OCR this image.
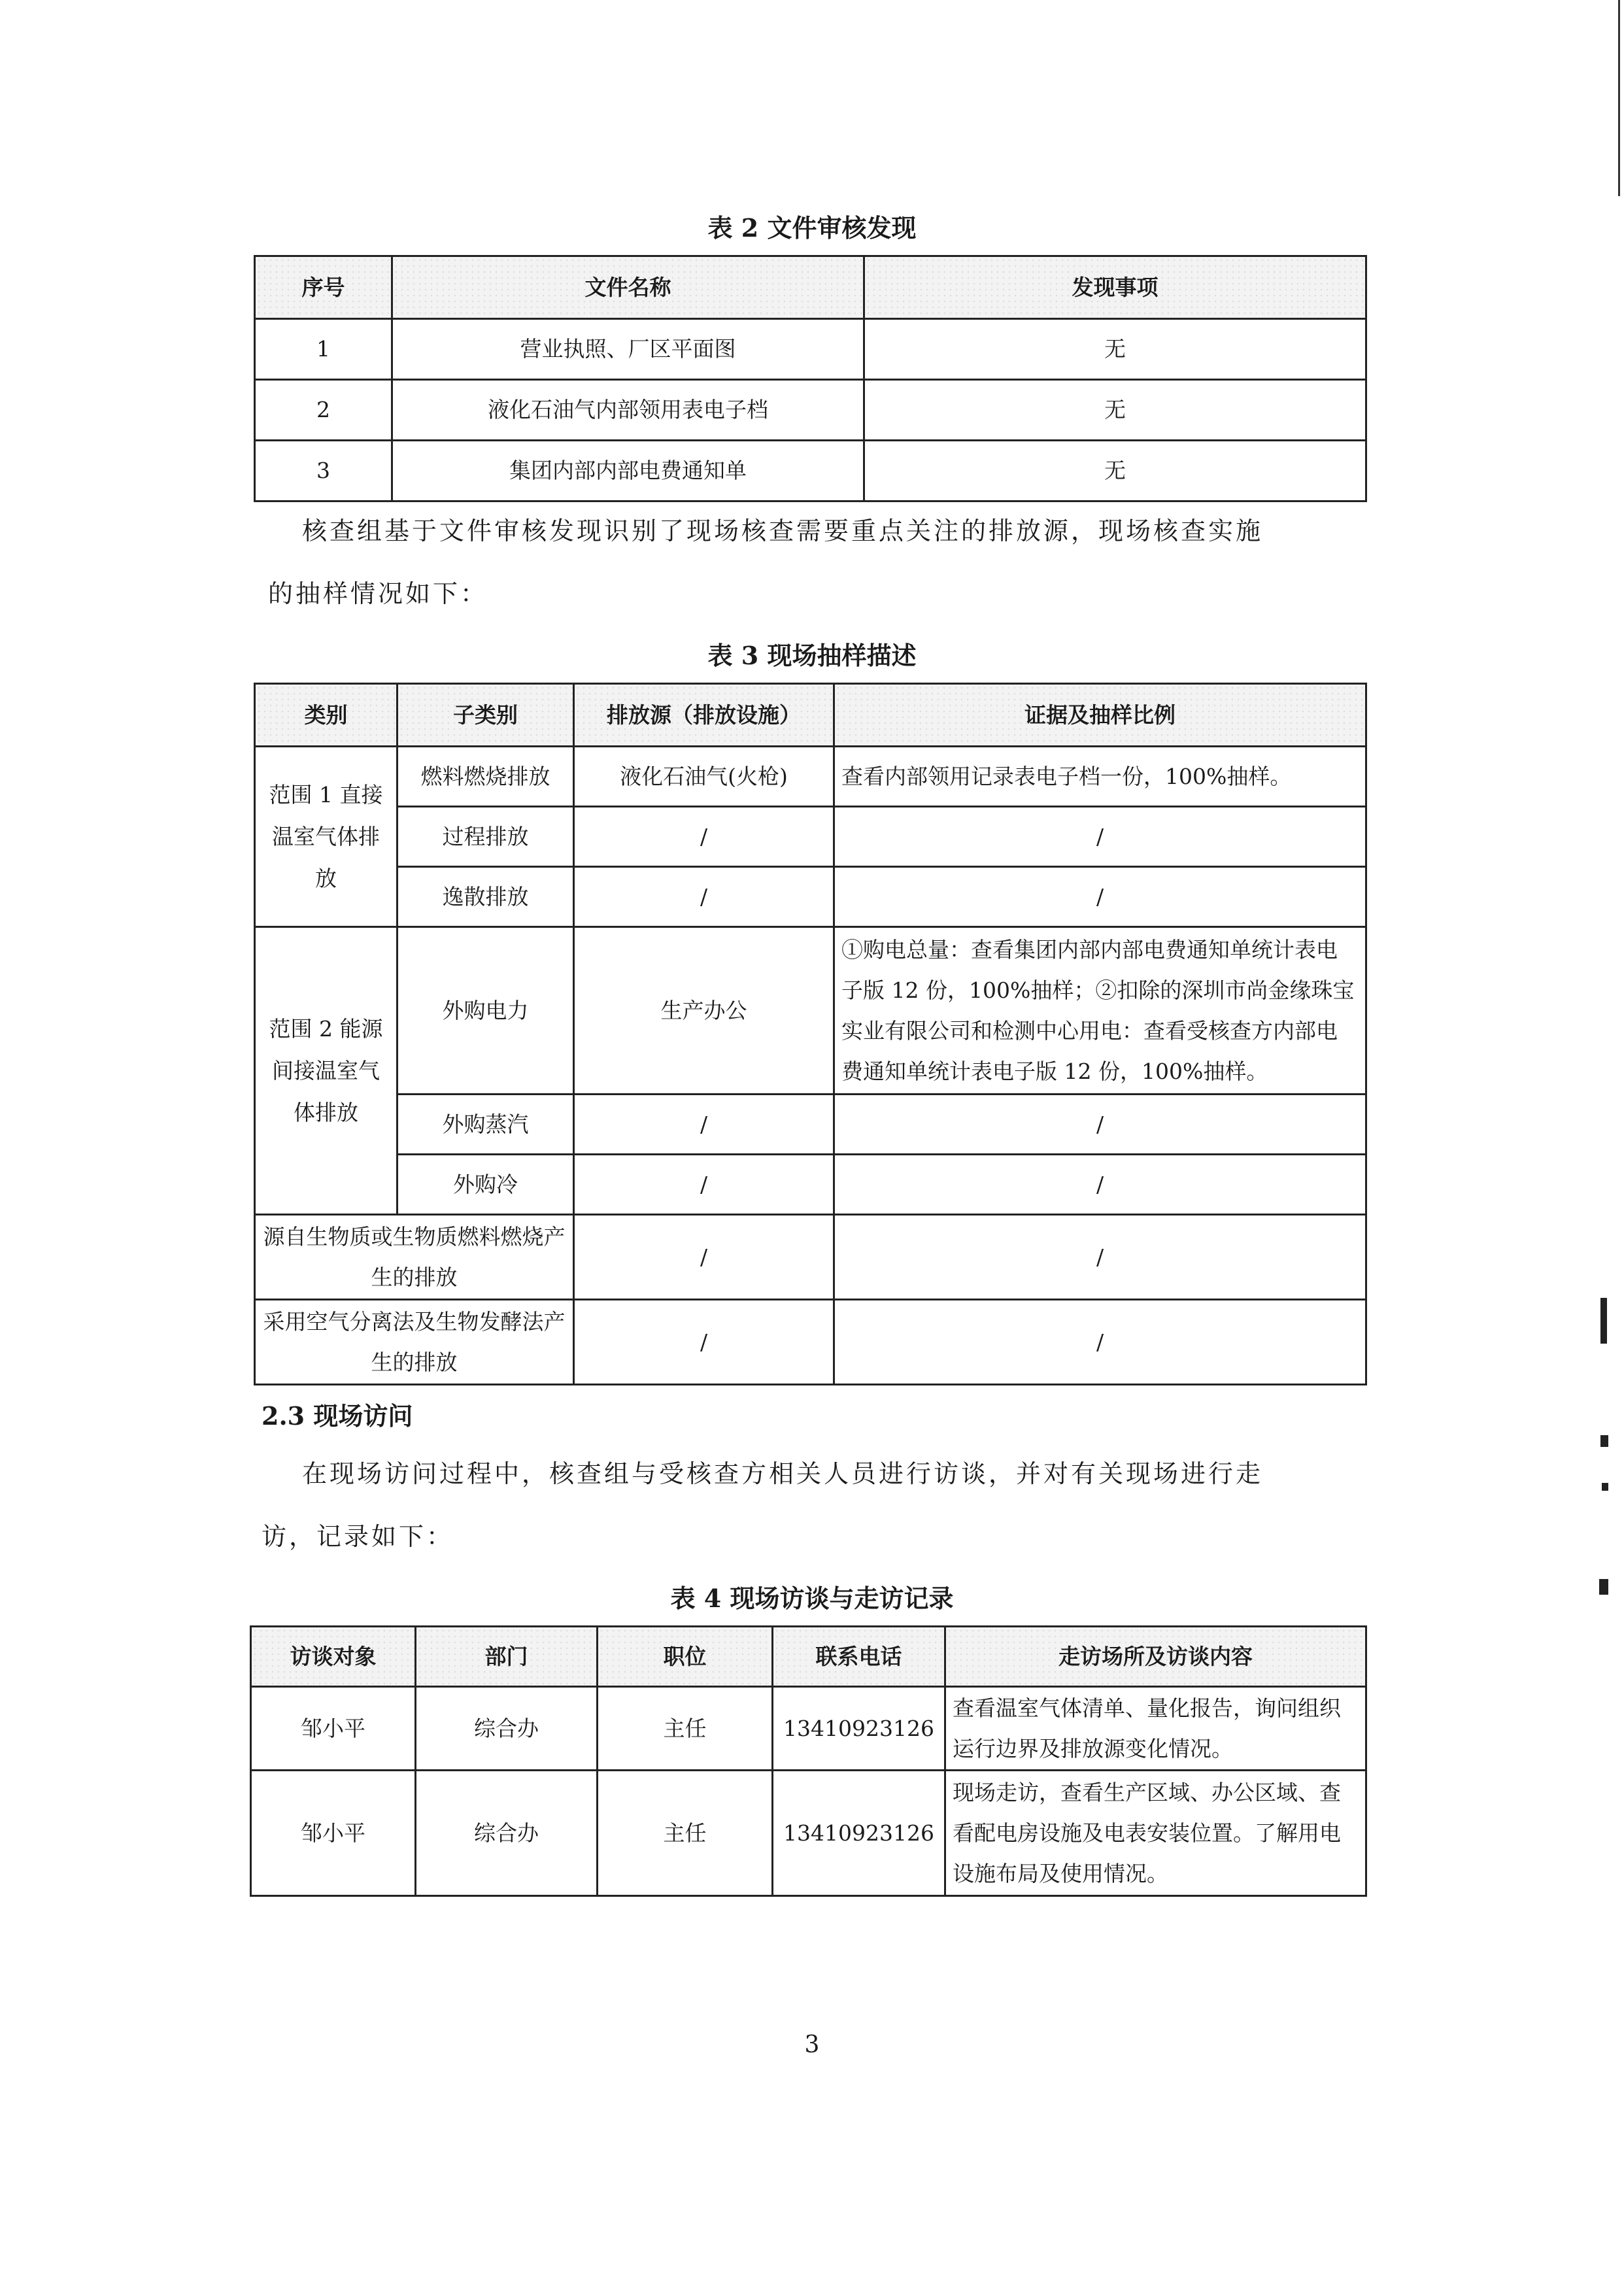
表 2 文件审核发现
序号	文件名称	发现事项
1	营业执照、厂区平面图	无
2	液化石油气内部领用表电子档	无
3	集团内部内部电费通知单	无
核查组基于文件审核发现识别了现场核查需要重点关注的排放源，现场核查实施
的抽样情况如下：
表 3 现场抽样描述
类别	子类别	排放源（排放设施）	证据及抽样比例
范围 1 直接温室气体排放	燃料燃烧排放	液化石油气(火枪)	查看内部领用记录表电子档一份，100%抽样。
	过程排放	/	/
	逸散排放	/	/
范围 2 能源间接温室气体排放	外购电力	生产办公	①购电总量：查看集团内部内部电费通知单统计表电子版 12 份，100%抽样；②扣除的深圳市尚金缘珠宝实业有限公司和检测中心用电：查看受核查方内部电费通知单统计表电子版 12 份，100%抽样。
	外购蒸汽	/	/
	外购冷	/	/
源自生物质或生物质燃料燃烧产生的排放		/	/
采用空气分离法及生物发酵法产生的排放		/	/
2.3 现场访问
在现场访问过程中，核查组与受核查方相关人员进行访谈，并对有关现场进行走
访，记录如下：
表 4 现场访谈与走访记录
访谈对象	部门	职位	联系电话	走访场所及访谈内容
邹小平	综合办	主任	13410923126	查看温室气体清单、量化报告，询问组织运行边界及排放源变化情况。
邹小平	综合办	主任	13410923126	现场走访，查看生产区域、办公区域、查看配电房设施及电表安装位置。了解用电设施布局及使用情况。
3
